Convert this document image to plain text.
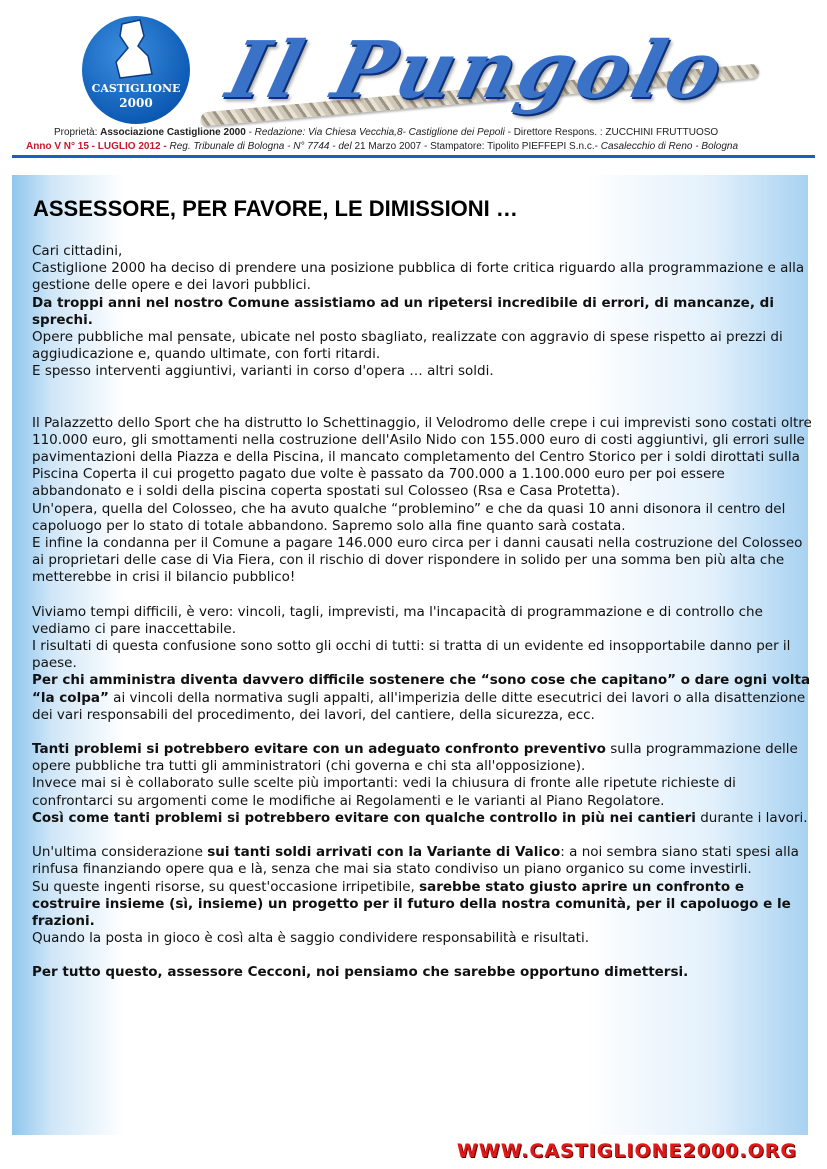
CASTIGLIONE
2000 Il Pungolo
Proprietà: Associazione Castiglione 2000 - Redazione: Via Chiesa Vecchia,8- Castiglione dei Pepoli - Direttore Respons. : ZUCCHINI FRUTTUOSO
Anno V N° 15 - LUGLIO 2012 - Reg. Tribunale di Bologna - N° 7744 - del 21 Marzo 2007 - Stampatore: Tipolito PIEFFEPI S.n.c.- Casalecchio di Reno - Bologna
ASSESSORE, PER FAVORE, LE DIMISSIONI …

Cari cittadini,

Castiglione 2000 ha deciso di prendere una posizione pubblica di forte critica riguardo alla programmazione e alla gestione delle opere e dei lavori pubblici.

Da troppi anni nel nostro Comune assistiamo ad un ripetersi incredibile di errori, di mancanze, di sprechi.

Opere pubbliche mal pensate, ubicate nel posto sbagliato, realizzate con aggravio di spese rispetto ai prezzi di aggiudicazione e, quando ultimate, con forti ritardi.

E spesso interventi aggiuntivi, varianti in corso d'opera … altri soldi.

Il Palazzetto dello Sport che ha distrutto lo Schettinaggio, il Velodromo delle crepe i cui imprevisti sono costati oltre 110.000 euro, gli smottamenti nella costruzione dell'Asilo Nido con 155.000 euro di costi aggiuntivi, gli errori sulle pavimentazioni della Piazza e della Piscina, il mancato completamento del Centro Storico per i soldi dirottati sulla Piscina Coperta il cui progetto pagato due volte è passato da 700.000 a 1.100.000 euro per poi essere abbandonato e i soldi della piscina coperta spostati sul Colosseo (Rsa e Casa Protetta).

Un'opera, quella del Colosseo, che ha avuto qualche “problemino” e che da quasi 10 anni disonora il centro del capoluogo per lo stato di totale abbandono. Sapremo solo alla fine quanto sarà costata.

E infine la condanna per il Comune a pagare 146.000 euro circa per i danni causati nella costruzione del Colosseo ai proprietari delle case di Via Fiera, con il rischio di dover rispondere in solido per una somma ben più alta che metterebbe in crisi il bilancio pubblico!

Viviamo tempi difficili, è vero: vincoli, tagli, imprevisti, ma l'incapacità di programmazione e di controllo che vediamo ci pare inaccettabile.

I risultati di questa confusione sono sotto gli occhi di tutti: si tratta di un evidente ed insopportabile danno per il paese.

Per chi amministra diventa davvero difficile sostenere che “sono cose che capitano” o dare ogni volta “la colpa” ai vincoli della normativa sugli appalti, all'imperizia delle ditte esecutrici dei lavori o alla disattenzione dei vari responsabili del procedimento, dei lavori, del cantiere, della sicurezza, ecc.

Tanti problemi si potrebbero evitare con un adeguato confronto preventivo sulla programmazione delle opere pubbliche tra tutti gli amministratori (chi governa e chi sta all'opposizione).

Invece mai si è collaborato sulle scelte più importanti: vedi la chiusura di fronte alle ripetute richieste di confrontarci su argomenti come le modifiche ai Regolamenti e le varianti al Piano Regolatore.

Così come tanti problemi si potrebbero evitare con qualche controllo in più nei cantieri durante i lavori.

Un'ultima considerazione sui tanti soldi arrivati con la Variante di Valico: a noi sembra siano stati spesi alla rinfusa finanziando opere qua e là, senza che mai sia stato condiviso un piano organico su come investirli.

Su queste ingenti risorse, su quest'occasione irripetibile, sarebbe stato giusto aprire un confronto e costruire insieme (sì, insieme) un progetto per il futuro della nostra comunità, per il capoluogo e le frazioni.

Quando la posta in gioco è così alta è saggio condividere responsabilità e risultati.

Per tutto questo, assessore Cecconi, noi pensiamo che sarebbe opportuno dimettersi.

WWW.CASTIGLIONE2000.ORG
